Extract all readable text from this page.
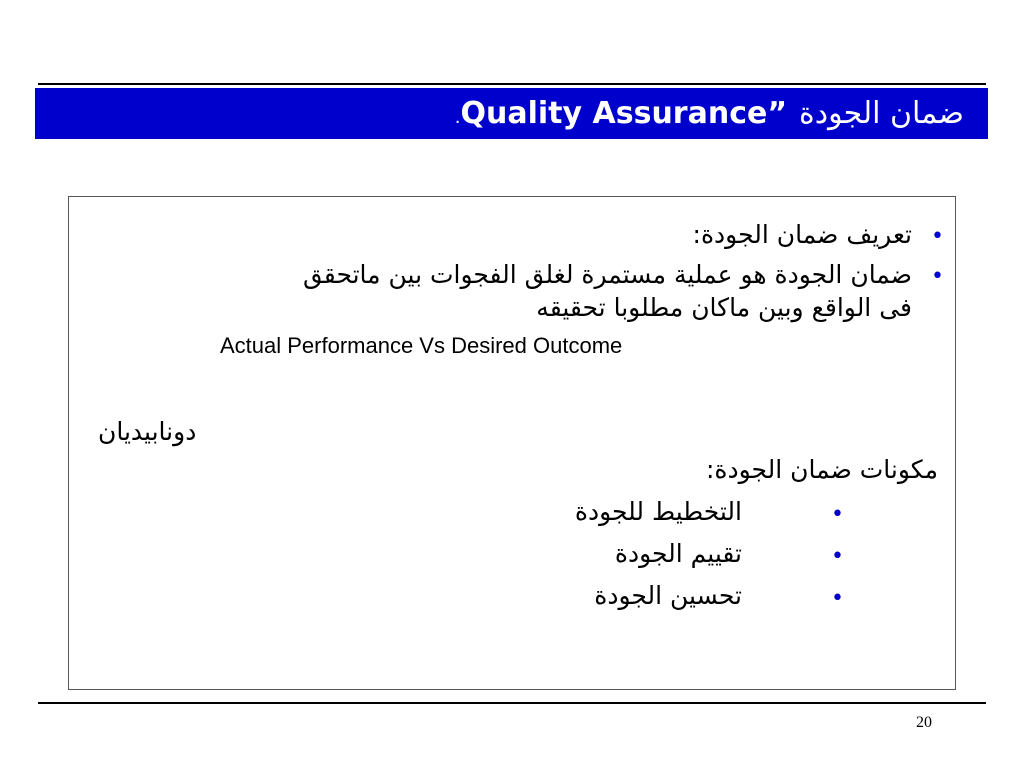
.Quality Assurance” ضمان الجودة
•
تعريف ضمان الجودة:
•
ضمان الجودة هو عملية مستمرة لغلق الفجوات بين ماتحقق
فى الواقع وبين ماكان مطلوبا تحقيقه
Actual Performance Vs Desired Outcome
دونابيديان
مكونات ضمان الجودة:
•
التخطيط للجودة
•
تقييم الجودة
•
تحسين الجودة
20
